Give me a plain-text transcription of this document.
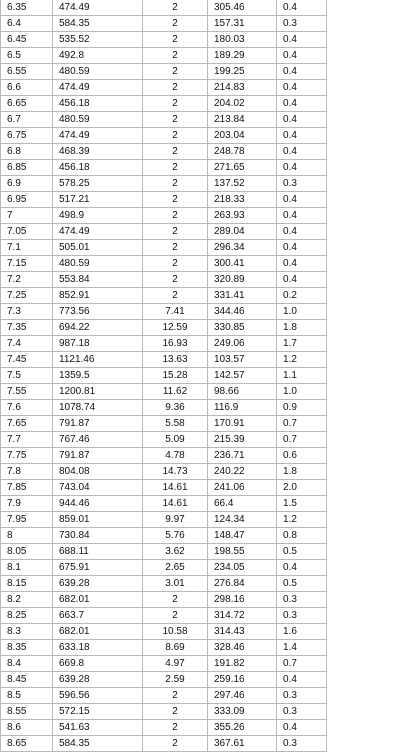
6.35	474.49	2	305.46	0.4
6.4	584.35	2	157.31	0.3
6.45	535.52	2	180.03	0.4
6.5	492.8	2	189.29	0.4
6.55	480.59	2	199.25	0.4
6.6	474.49	2	214.83	0.4
6.65	456.18	2	204.02	0.4
6.7	480.59	2	213.84	0.4
6.75	474.49	2	203.04	0.4
6.8	468.39	2	248.78	0.4
6.85	456.18	2	271.65	0.4
6.9	578.25	2	137.52	0.3
6.95	517.21	2	218.33	0.4
7	498.9	2	263.93	0.4
7.05	474.49	2	289.04	0.4
7.1	505.01	2	296.34	0.4
7.15	480.59	2	300.41	0.4
7.2	553.84	2	320.89	0.4
7.25	852.91	2	331.41	0.2
7.3	773.56	7.41	344.46	1.0
7.35	694.22	12.59	330.85	1.8
7.4	987.18	16.93	249.06	1.7
7.45	1121.46	13.63	103.57	1.2
7.5	1359.5	15.28	142.57	1.1
7.55	1200.81	11.62	98.66	1.0
7.6	1078.74	9.36	116.9	0.9
7.65	791.87	5.58	170.91	0.7
7.7	767.46	5.09	215.39	0.7
7.75	791.87	4.78	236.71	0.6
7.8	804.08	14.73	240.22	1.8
7.85	743.04	14.61	241.06	2.0
7.9	944.46	14.61	66.4	1.5
7.95	859.01	9.97	124.34	1.2
8	730.84	5.76	148.47	0.8
8.05	688.11	3.62	198.55	0.5
8.1	675.91	2.65	234.05	0.4
8.15	639.28	3.01	276.84	0.5
8.2	682.01	2	298.16	0.3
8.25	663.7	2	314.72	0.3
8.3	682.01	10.58	314.43	1.6
8.35	633.18	8.69	328.46	1.4
8.4	669.8	4.97	191.82	0.7
8.45	639.28	2.59	259.16	0.4
8.5	596.56	2	297.46	0.3
8.55	572.15	2	333.09	0.3
8.6	541.63	2	355.26	0.4
8.65	584.35	2	367.61	0.3
